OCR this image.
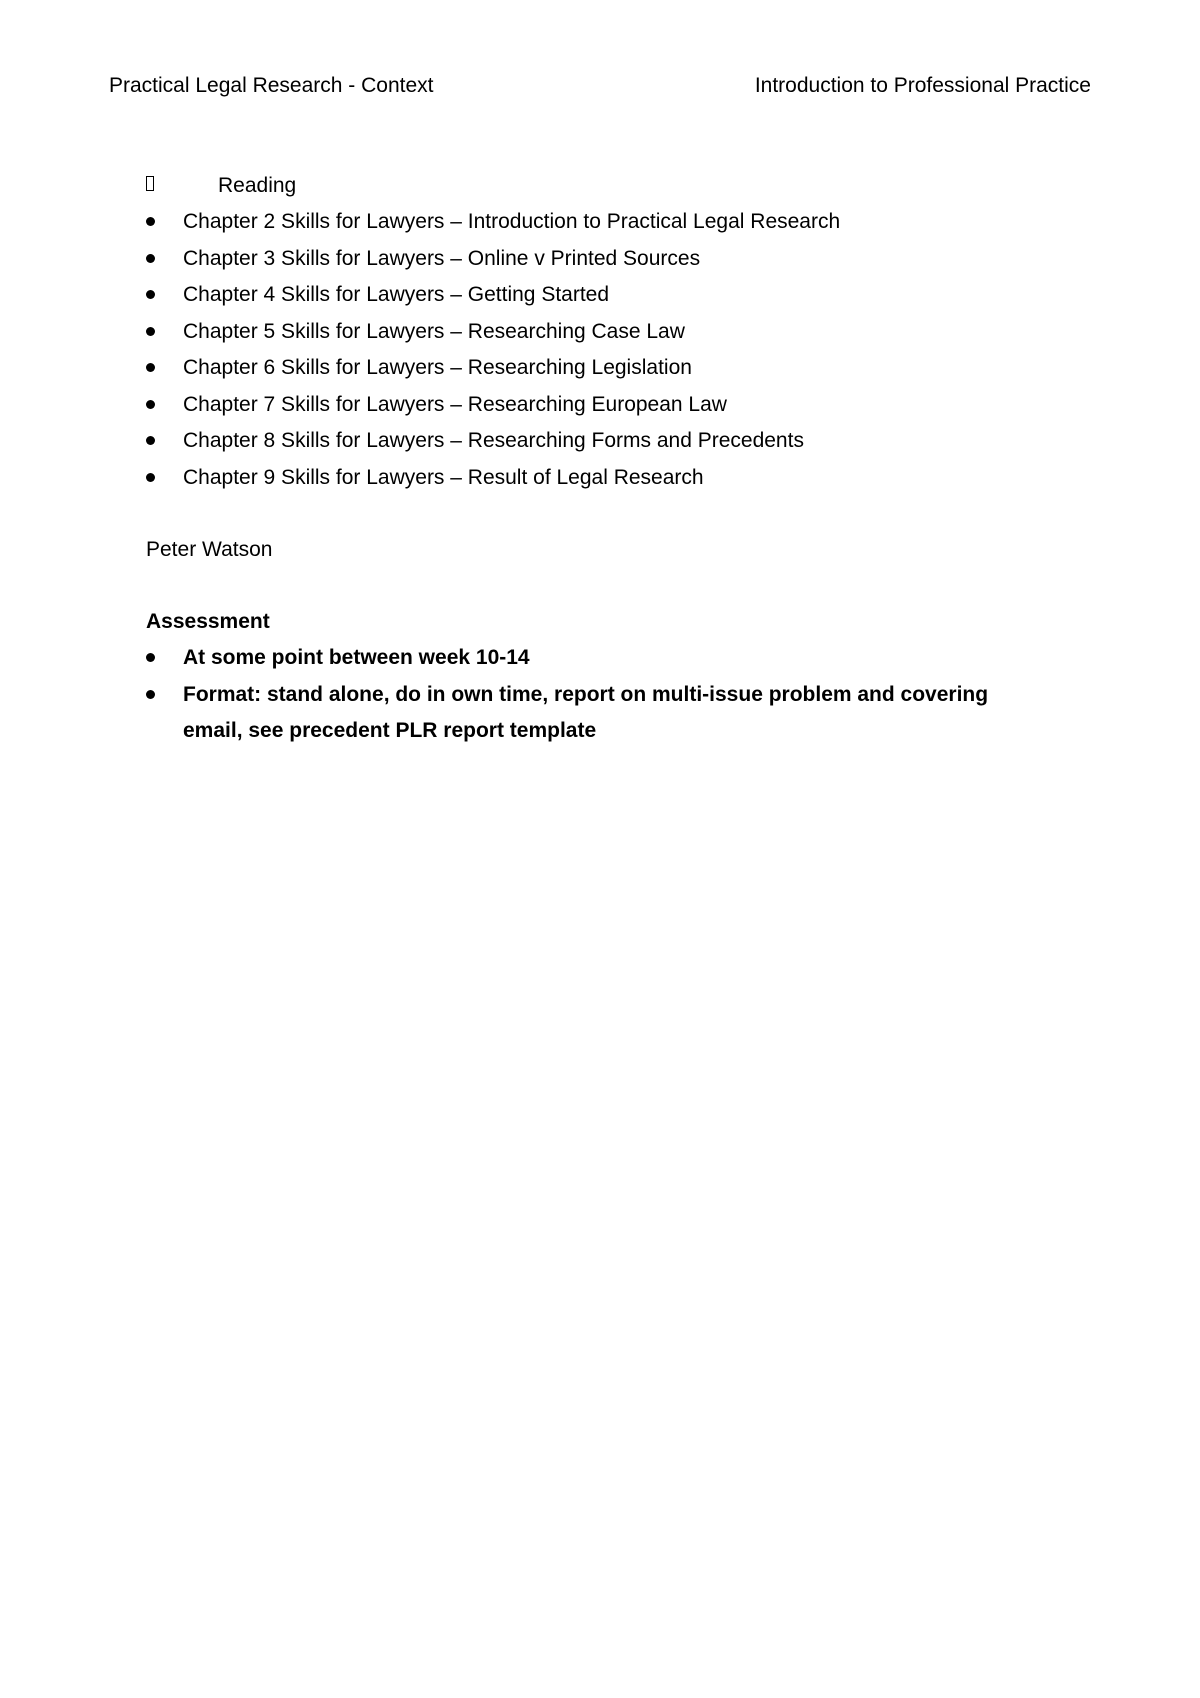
Practical Legal Research - Context	Introduction to Professional Practice
Reading
Chapter 2 Skills for Lawyers – Introduction to Practical Legal Research
Chapter 3 Skills for Lawyers – Online v Printed Sources
Chapter 4 Skills for Lawyers – Getting Started
Chapter 5 Skills for Lawyers – Researching Case Law
Chapter 6 Skills for Lawyers – Researching Legislation
Chapter 7 Skills for Lawyers – Researching European Law
Chapter 8 Skills for Lawyers – Researching Forms and Precedents
Chapter 9 Skills for Lawyers – Result of Legal Research
Peter Watson
Assessment
At some point between week 10-14
Format: stand alone, do in own time, report on multi-issue problem and covering email, see precedent PLR report template
